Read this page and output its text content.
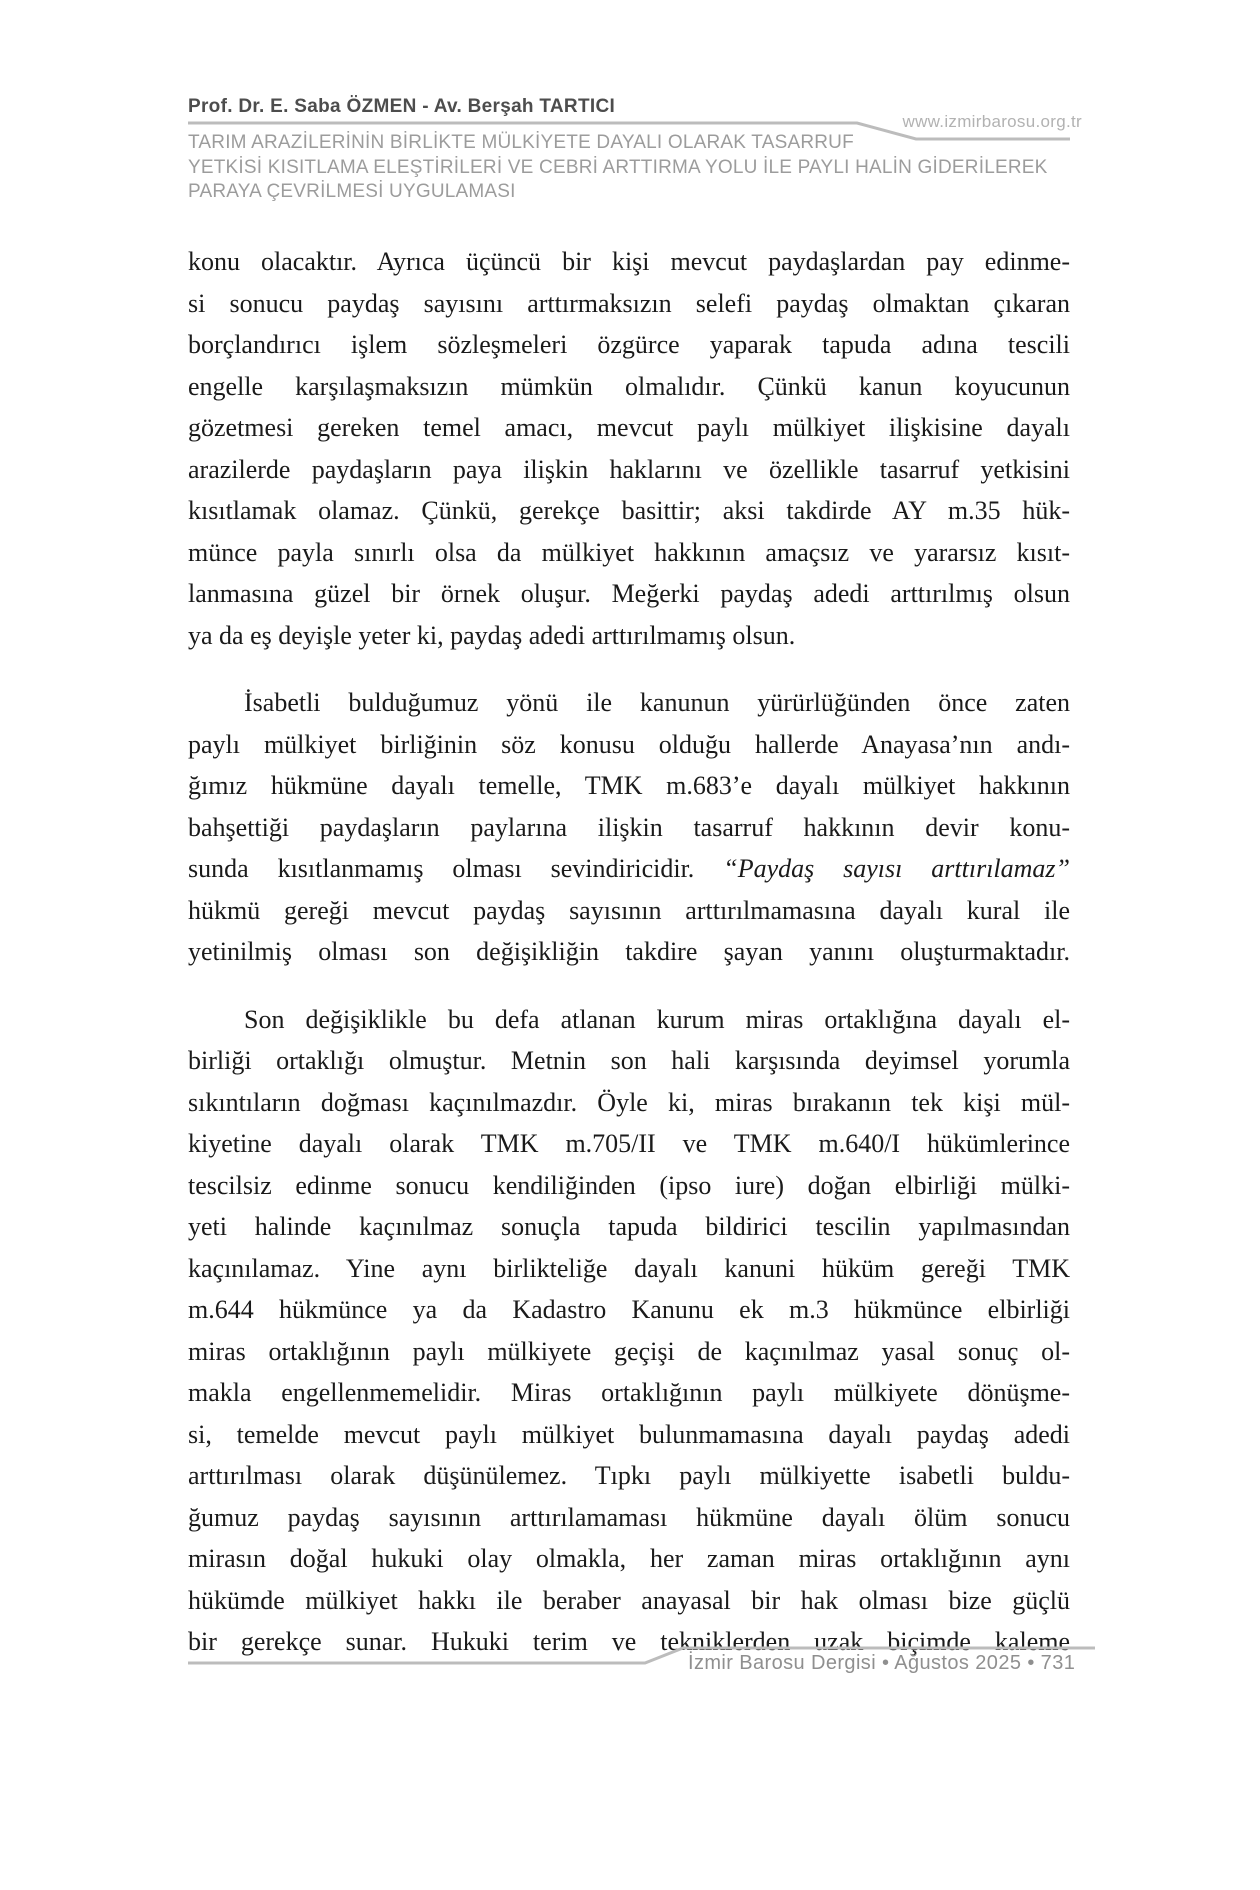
Prof. Dr. E. Saba ÖZMEN - Av. Berşah TARTICI
www.izmirbarosu.org.tr
TARIM ARAZİLERİNİN BİRLİKTE MÜLKİYETE DAYALI OLARAK TASARRUF
YETKİSİ KISITLAMA ELEŞTİRİLERİ VE CEBRİ ARTTIRMA YOLU İLE PAYLI HALİN GİDERİLEREK
PARAYA ÇEVRİLMESİ UYGULAMASI
konu olacaktır. Ayrıca üçüncü bir kişi mevcut paydaşlardan pay edinme-
si sonucu paydaş sayısını arttırmaksızın selefi paydaş olmaktan çıkaran
borçlandırıcı işlem sözleşmeleri özgürce yaparak tapuda adına tescili
engelle karşılaşmaksızın mümkün olmalıdır. Çünkü kanun koyucunun
gözetmesi gereken temel amacı, mevcut paylı mülkiyet ilişkisine dayalı
arazilerde paydaşların paya ilişkin haklarını ve özellikle tasarruf yetkisini
kısıtlamak olamaz. Çünkü, gerekçe basittir; aksi takdirde AY m.35 hük-
münce payla sınırlı olsa da mülkiyet hakkının amaçsız ve yararsız kısıt-
lanmasına güzel bir örnek oluşur. Meğerki paydaş adedi arttırılmış olsun
ya da eş deyişle yeter ki, paydaş adedi arttırılmamış olsun.
İsabetli bulduğumuz yönü ile kanunun yürürlüğünden önce zaten
paylı mülkiyet birliğinin söz konusu olduğu hallerde Anayasa’nın andı-
ğımız hükmüne dayalı temelle, TMK m.683’e dayalı mülkiyet hakkının
bahşettiği paydaşların paylarına ilişkin tasarruf hakkının devir konu-
sunda kısıtlanmamış olması sevindiricidir. “Paydaş sayısı arttırılamaz”
hükmü gereği mevcut paydaş sayısının arttırılmamasına dayalı kural ile
yetinilmiş olması son değişikliğin takdire şayan yanını oluşturmaktadır.
Son değişiklikle bu defa atlanan kurum miras ortaklığına dayalı el-
birliği ortaklığı olmuştur. Metnin son hali karşısında deyimsel yorumla
sıkıntıların doğması kaçınılmazdır. Öyle ki, miras bırakanın tek kişi mül-
kiyetine dayalı olarak TMK m.705/II ve TMK m.640/I hükümlerince
tescilsiz edinme sonucu kendiliğinden (ipso iure) doğan elbirliği mülki-
yeti halinde kaçınılmaz sonuçla tapuda bildirici tescilin yapılmasından
kaçınılamaz. Yine aynı birlikteliğe dayalı kanuni hüküm gereği TMK
m.644 hükmünce ya da Kadastro Kanunu ek m.3 hükmünce elbirliği
miras ortaklığının paylı mülkiyete geçişi de kaçınılmaz yasal sonuç ol-
makla engellenmemelidir. Miras ortaklığının paylı mülkiyete dönüşme-
si, temelde mevcut paylı mülkiyet bulunmamasına dayalı paydaş adedi
arttırılması olarak düşünülemez. Tıpkı paylı mülkiyette isabetli buldu-
ğumuz paydaş sayısının arttırılamaması hükmüne dayalı ölüm sonucu
mirasın doğal hukuki olay olmakla, her zaman miras ortaklığının aynı
hükümde mülkiyet hakkı ile beraber anayasal bir hak olması bize güçlü
bir gerekçe sunar. Hukuki terim ve tekniklerden uzak biçimde kaleme
İzmir Barosu Dergisi • Ağustos 2025 • 731
